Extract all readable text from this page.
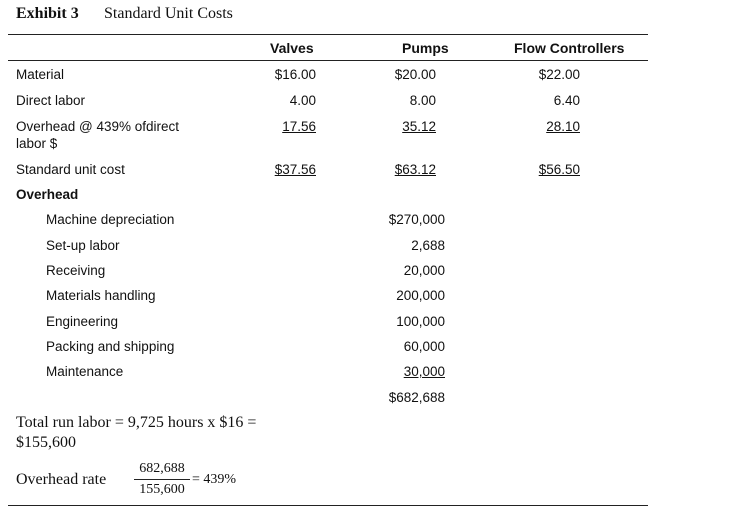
Exhibit 3 Standard Unit Costs
Valves	Pumps	Flow Controllers
Material	$16.00	$20.00	$22.00
Direct labor	4.00	8.00	6.40
Overhead @ 439% ofdirect
labor $
17.56	35.12	28.10
Standard unit cost	$37.56	$63.12	$56.50
Overhead
Machine depreciation	$270,000
Set-up labor	2,688
Receiving	20,000
Materials handling	200,000
Engineering	100,000
Packing and shipping	60,000
Maintenance	30,000
$682,688
Total run labor = 9,725 hours x $16 =
$155,600
Overhead rate $\frac{682,688}{155,600} = 439\%$
